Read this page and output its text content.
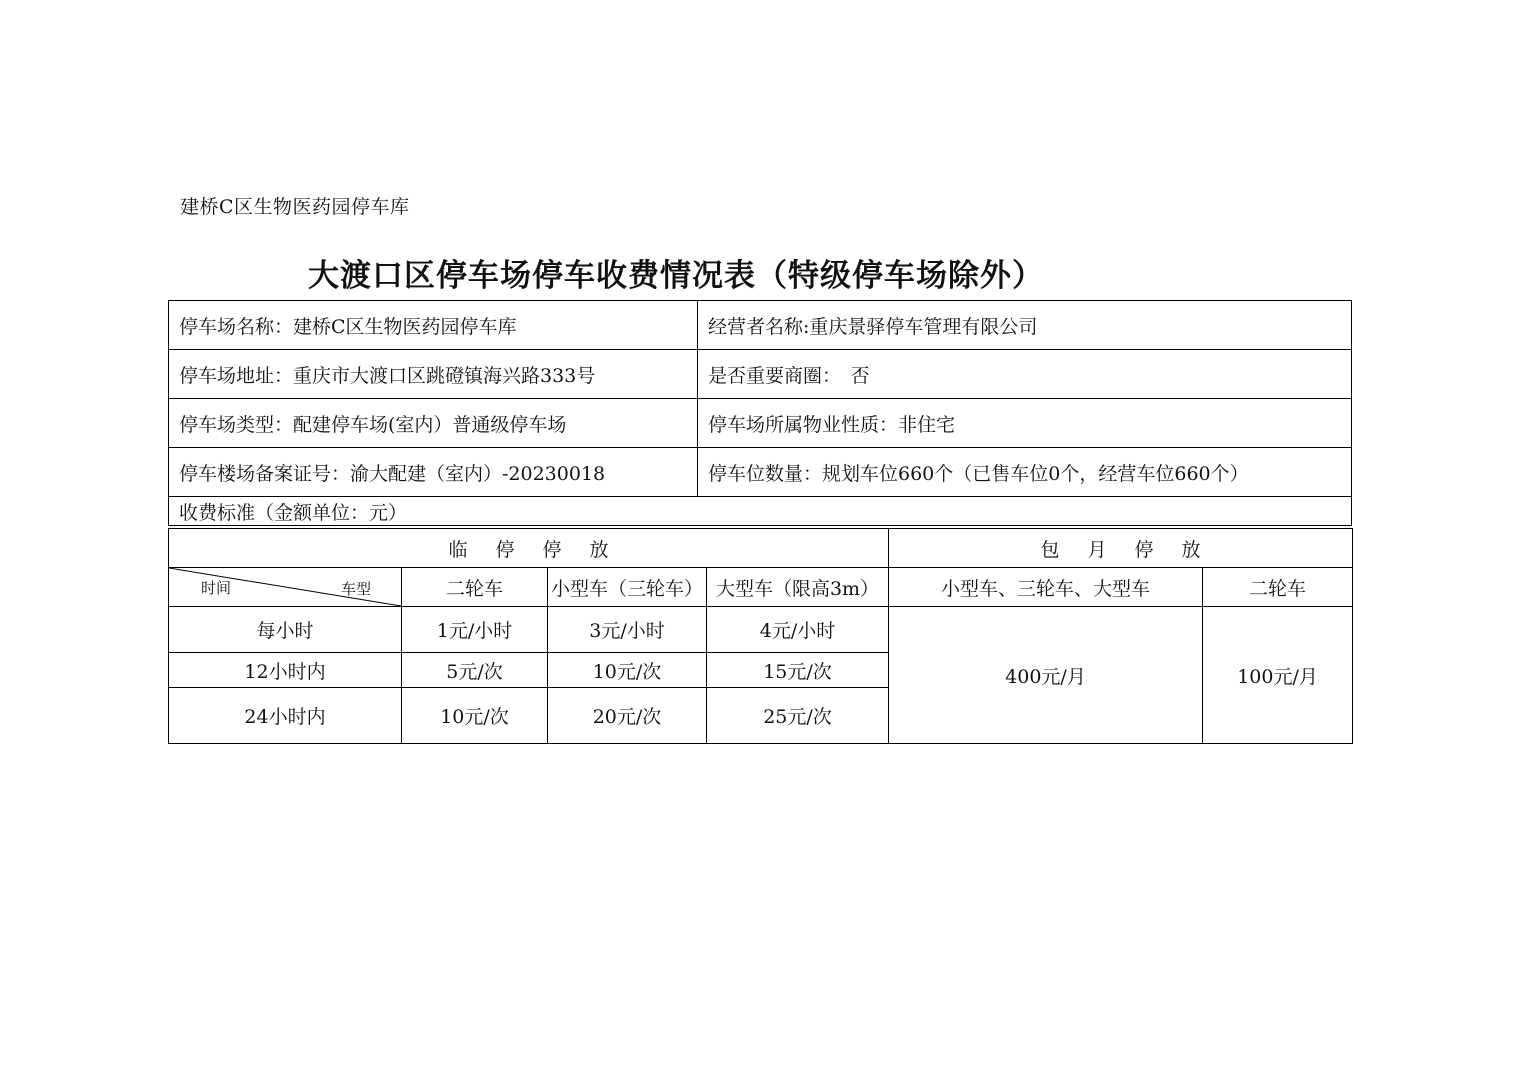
建桥C区生物医药园停车库
大渡口区停车场停车收费情况表（特级停车场除外）
停车场名称：建桥C区生物医药园停车库	经营者名称:重庆景驿停车管理有限公司
停车场地址：重庆市大渡口区跳磴镇海兴路333号	是否重要商圈：　否
停车场类型：配建停车场(室内）普通级停车场	停车场所属物业性质：非住宅
停车楼场备案证号：渝大配建（室内）-20230018	停车位数量：规划车位660个（已售车位0个，经营车位660个）
收费标准（金额单位：元）	
临停停放				包月停放	

时间 车型	二轮车	小型车（三轮车）	大型车（限高3m）	小型车、三轮车、大型车	二轮车
每小时	1元/小时	3元/小时	4元/小时	400元/月	100元/月
12小时内	5元/次	10元/次	15元/次		
24小时内	10元/次	20元/次	25元/次		
